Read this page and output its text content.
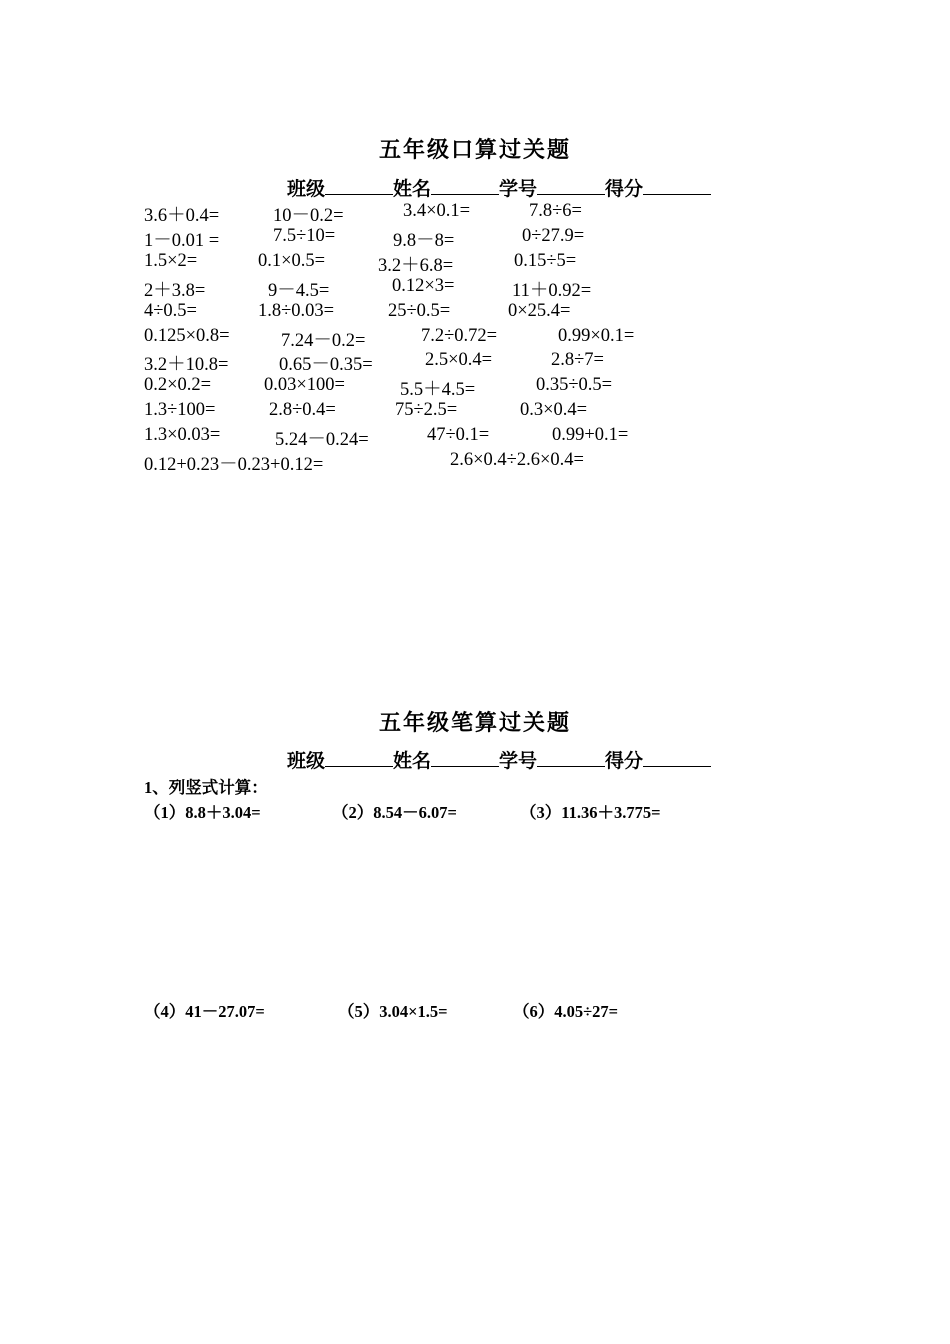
五年级口算过关题
班级	姓名	学号	得分
3.6＋0.4=	10－0.2=	3.4×0.1=	7.8÷6=
1－0.01 =	7.5÷10=	9.8－8=	0÷27.9=
1.5×2=	0.1×0.5=	3.2＋6.8=	0.15÷5=
2＋3.8=	9－4.5=	0.12×3=	11＋0.92=
4÷0.5=	1.8÷0.03=	25÷0.5=	0×25.4=
0.125×0.8=	7.24－0.2=	7.2÷0.72=	0.99×0.1=
3.2＋10.8=	0.65－0.35=	2.5×0.4=	2.8÷7=
0.2×0.2=	0.03×100=	5.5＋4.5=	0.35÷0.5=
1.3÷100=	2.8÷0.4=	75÷2.5=	0.3×0.4=
1.3×0.03=	5.24－0.24=	47÷0.1=	0.99+0.1=
0.12+0.23－0.23+0.12=	2.6×0.4÷2.6×0.4=
五年级笔算过关题
班级	姓名	学号	得分
1、列竖式计算：
（1）8.8＋3.04=	（2）8.54－6.07=	（3）11.36＋3.775=
（4）41－27.07=	（5）3.04×1.5=	（6）4.05÷27=
